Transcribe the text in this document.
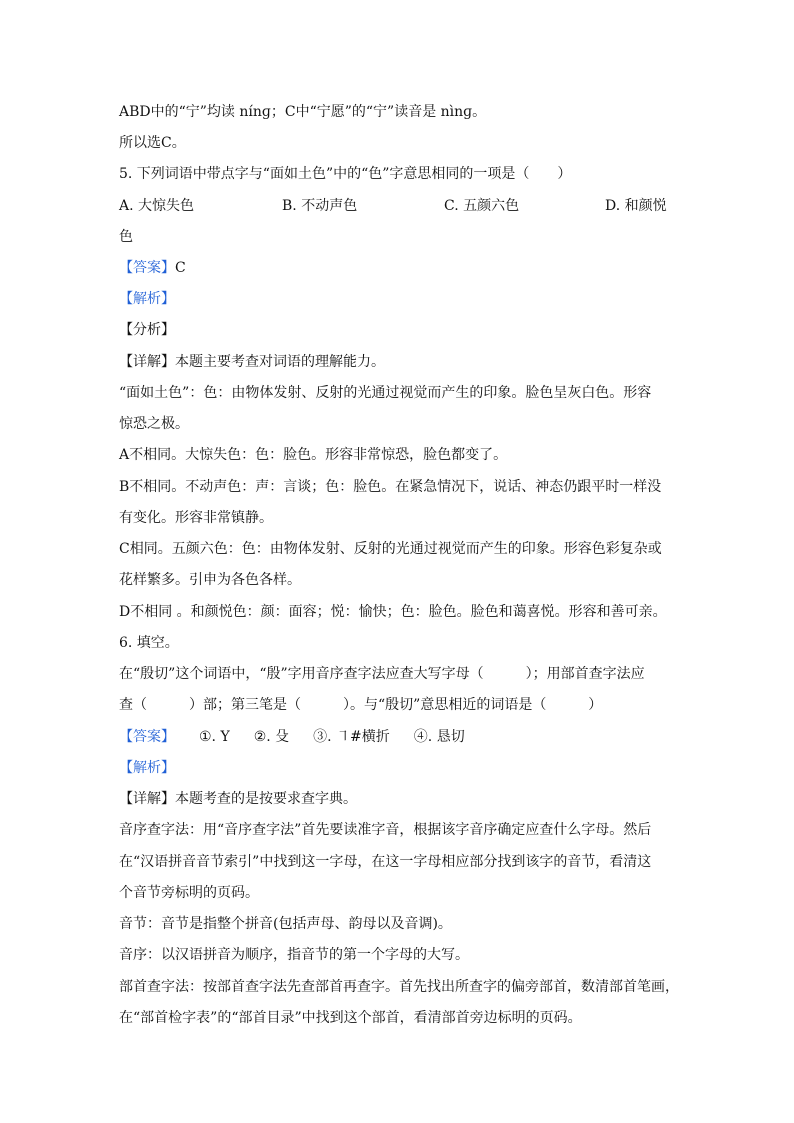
ABD中的“宁”均读 nínɡ；C中“宁愿”的“宁”读音是 nìnɡ。
所以选C。
5. 下列词语中带点字与“面如土色”中的“色”字意思相同的一项是（　　）
A. 大惊失色	B. 不动声色	C. 五颜六色	D. 和颜悦
色
【答案】C
【解析】
【分析】
【详解】本题主要考查对词语的理解能力。
“面如土色”：色：由物体发射、反射的光通过视觉而产生的印象。脸色呈灰白色。形容
惊恐之极。
A不相同。大惊失色：色：脸色。形容非常惊恐，脸色都变了。
B不相同。不动声色：声：言谈；色：脸色。在紧急情况下，说话、神态仍跟平时一样没
有变化。形容非常镇静。
C相同。五颜六色：色：由物体发射、反射的光通过视觉而产生的印象。形容色彩复杂或
花样繁多。引申为各色各样。
D不相同 。和颜悦色：颜：面容；悦：愉快；色：脸色。脸色和蔼喜悦。形容和善可亲。
6. 填空。
在“殷切”这个词语中，“殷”字用音序查字法应查大写字母（　　　）；用部首查字法应
查（　　　）部；第三笔是（　　　）。与“殷切”意思相近的词语是（　　　）
【答案】 ①. Y ②. 殳 ③. ㇕#横折 ④. 恳切
【解析】
【详解】本题考查的是按要求查字典。
音序查字法：用“音序查字法”首先要读准字音，根据该字音序确定应查什么字母。然后
在“汉语拼音音节索引”中找到这一字母，在这一字母相应部分找到该字的音节，看清这
个音节旁标明的页码。
音节：音节是指整个拼音(包括声母、韵母以及音调)。
音序：以汉语拼音为顺序，指音节的第一个字母的大写。
部首查字法：按部首查字法先查部首再查字。首先找出所查字的偏旁部首，数清部首笔画，
在“部首检字表”的“部首目录”中找到这个部首，看清部首旁边标明的页码。
